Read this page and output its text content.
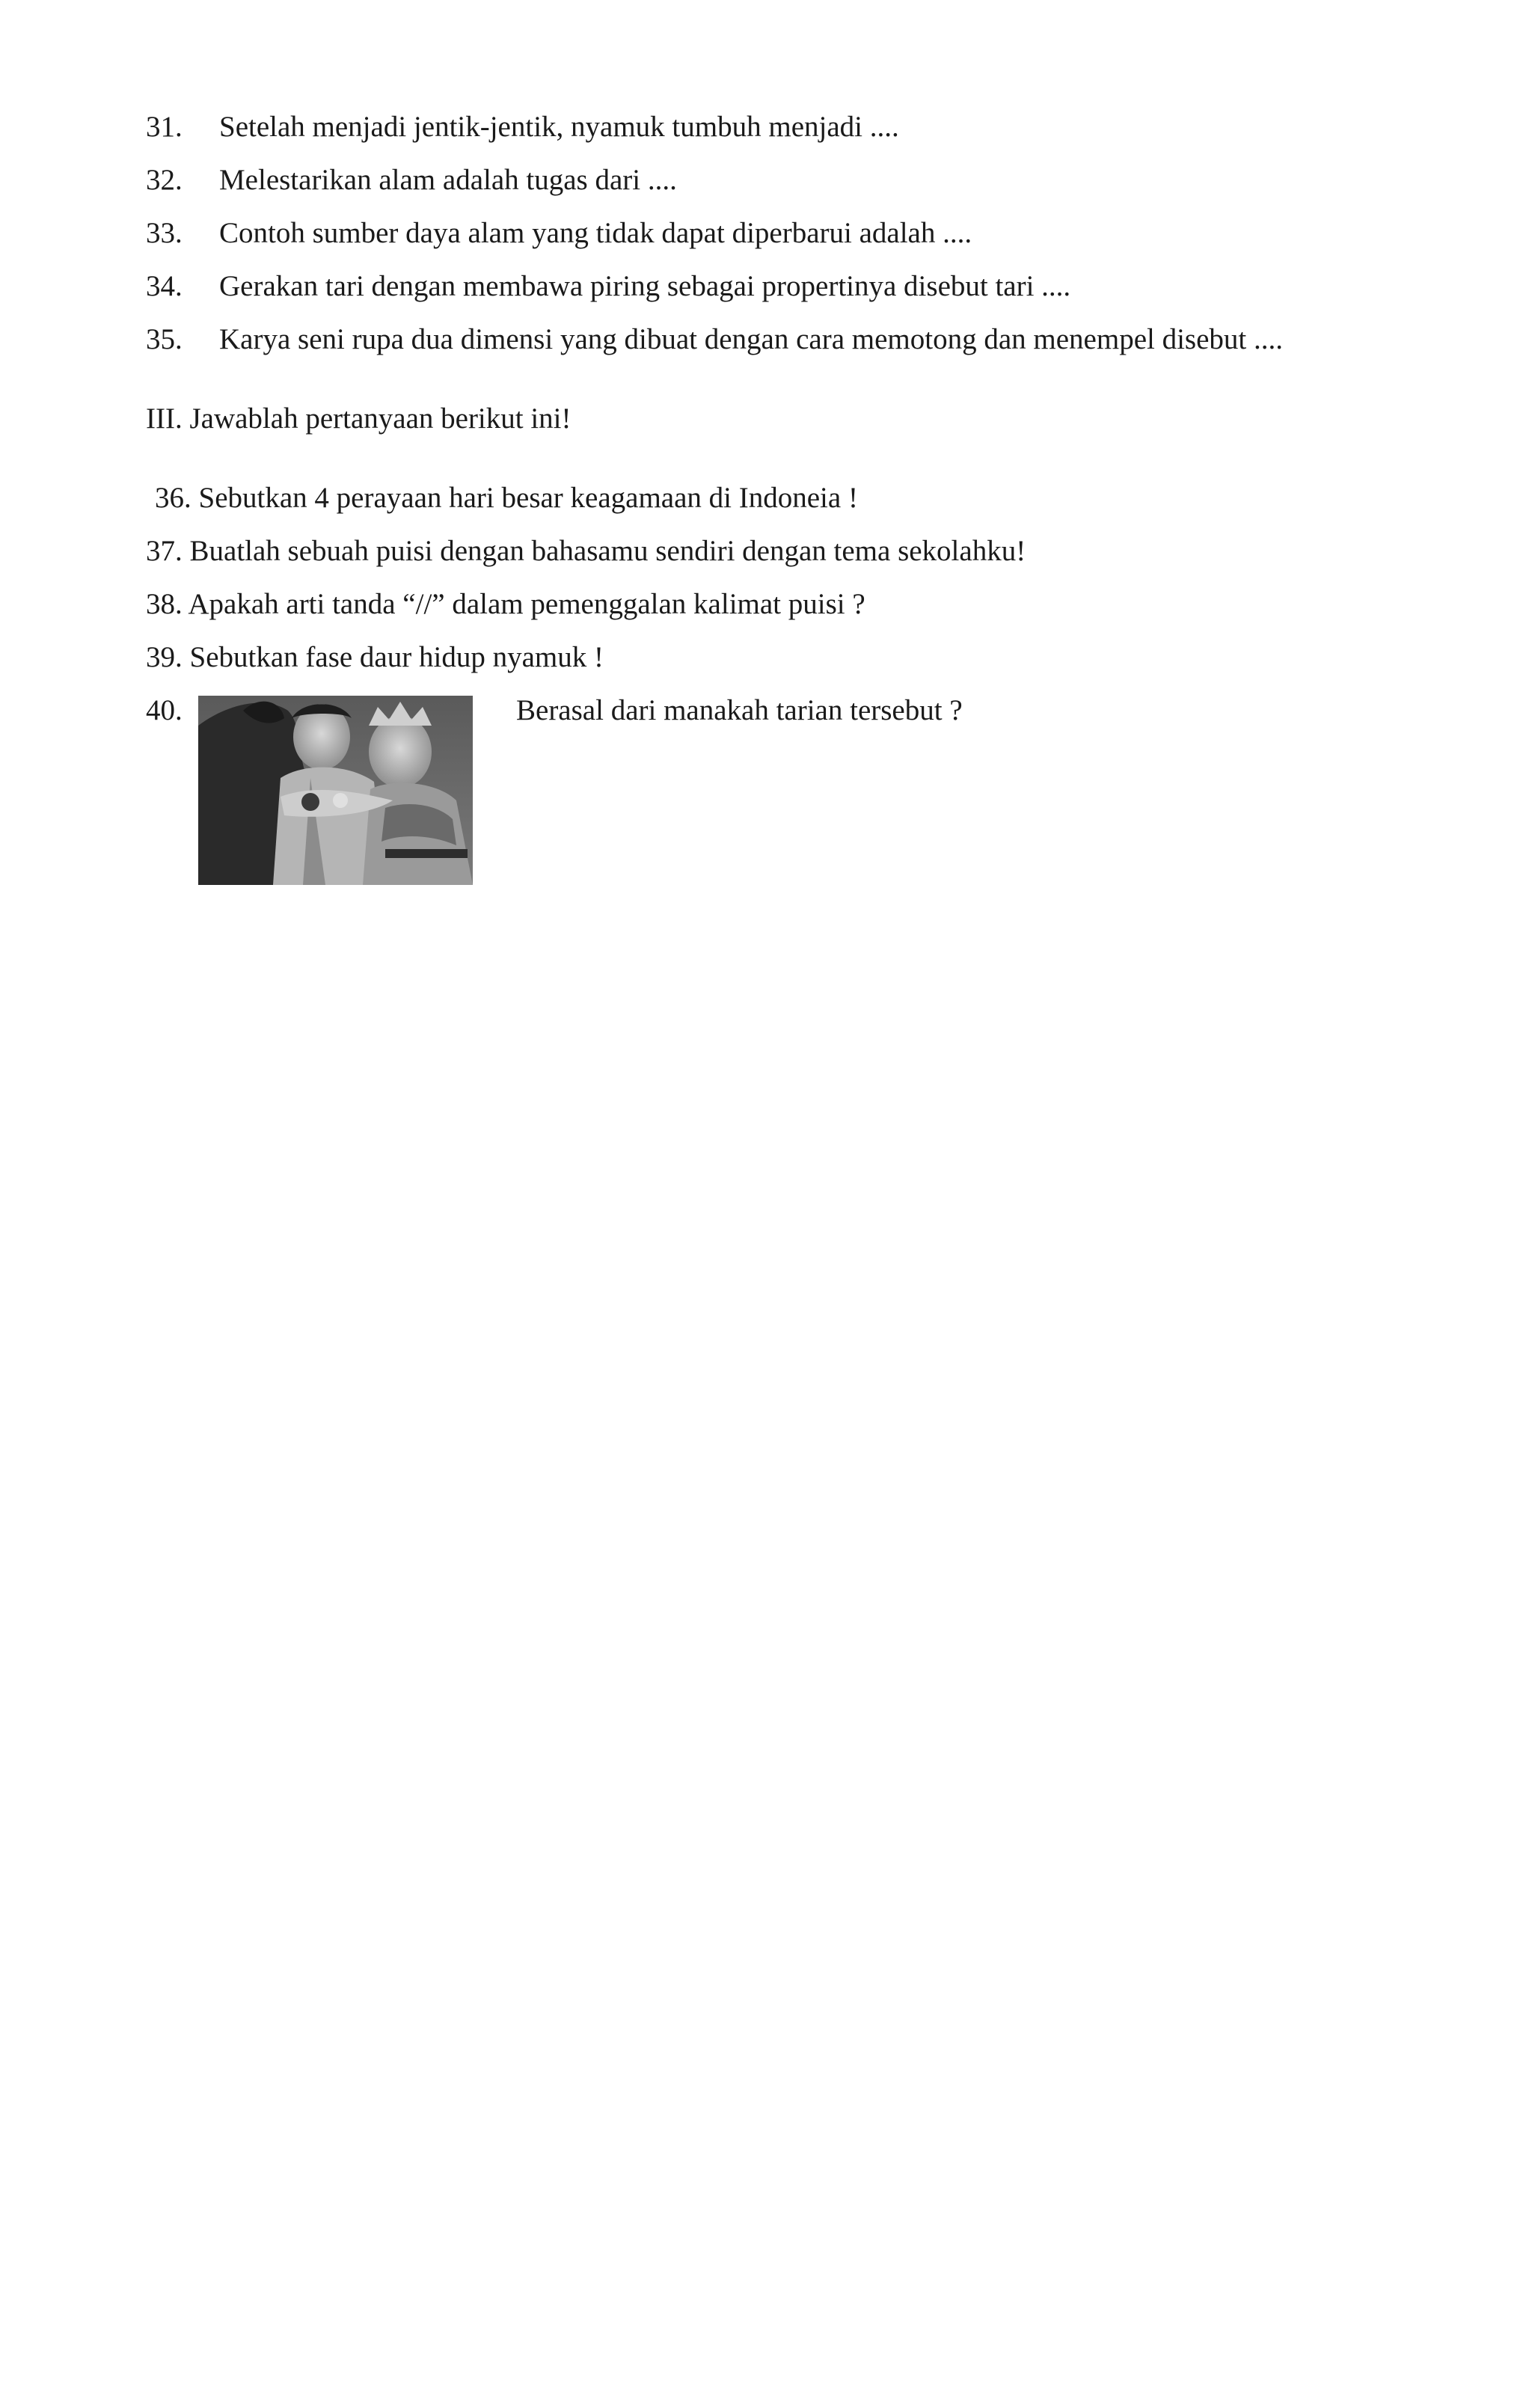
31. Setelah menjadi jentik-jentik, nyamuk tumbuh menjadi ....
32. Melestarikan alam adalah tugas dari ....
33. Contoh sumber daya alam yang tidak dapat diperbarui adalah ....
34. Gerakan tari dengan membawa piring sebagai propertinya disebut tari ....
35. Karya seni rupa dua dimensi yang dibuat dengan cara memotong dan menempel disebut ....
III. Jawablah pertanyaan berikut ini!
36. Sebutkan 4 perayaan hari besar keagamaan di Indoneia !
37. Buatlah sebuah puisi dengan bahasamu sendiri dengan tema sekolahku!
38. Apakah arti tanda “//” dalam pemenggalan kalimat puisi ?
39. Sebutkan fase daur hidup nyamuk !
40.	Berasal dari manakah tarian tersebut ?
